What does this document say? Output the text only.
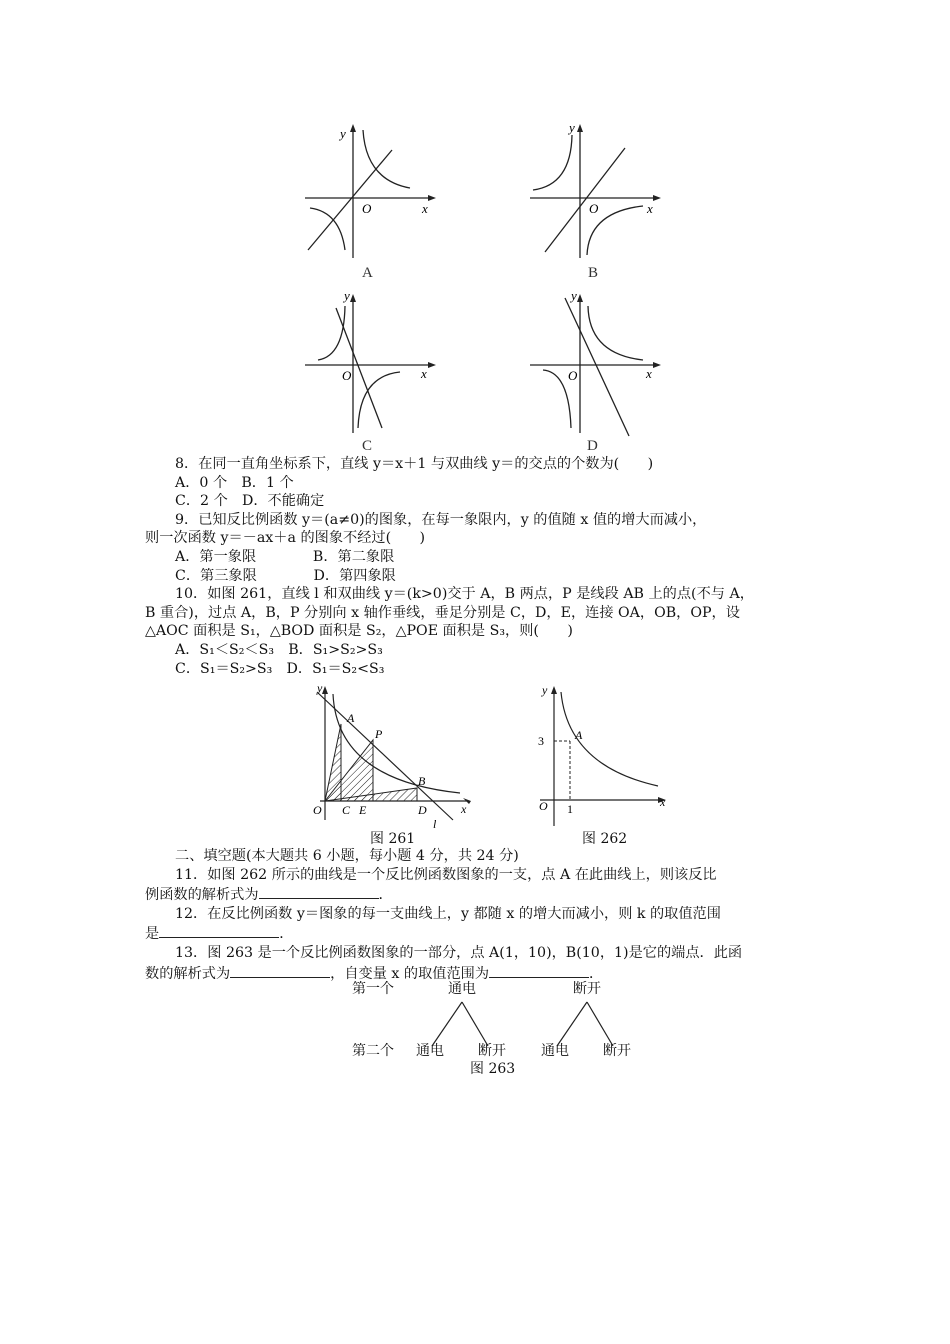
y
x
O
A
y
x
O
B
y
x
O
C
y
x
O
D

8．在同一直角坐标系下，直线 y＝x＋1 与双曲线 y＝的交点的个数为(　　)

A．0 个　B．1 个

C．2 个　D．不能确定

9．已知反比例函数 y＝(a≠0)的图象，在每一象限内，y 的值随 x 值的增大而减小，

则一次函数 y＝－ax＋a 的图象不经过(　　)

A．第一象限　　　　B．第二象限

C．第三象限　　　　D．第四象限

10．如图 261，直线 l 和双曲线 y＝(k>0)交于 A，B 两点，P 是线段 AB 上的点(不与 A，

B 重合)，过点 A，B，P 分别向 x 轴作垂线，垂足分别是 C，D，E，连接 OA，OB，OP，设

△AOC 面积是 S₁，△BOD 面积是 S₂，△POE 面积是 S₃，则(　　)

A．S₁＜S₂＜S₃　B．S₁>S₂>S₃

C．S₁＝S₂>S₃　D．S₁＝S₂<S₃

y
x
A
P
B
O C E	D
l
图 261
y
x
A
O
3
1
图 262

二、填空题(本大题共 6 小题，每小题 4 分，共 24 分)

11．如图 262 所示的曲线是一个反比例函数图象的一支，点 A 在此曲线上，则该反比

例函数的解析式为	．

12．在反比例函数 y＝图象的每一支曲线上，y 都随 x 的增大而减小，则 k 的取值范围

是	．

13．图 263 是一个反比例函数图象的一部分，点 A(1，10)，B(10，1)是它的端点．此函

数的解析式为	，自变量 x 的取值范围为	．

第一个	通电	断开
第二个 通电 断开	通电 断开
图 263
